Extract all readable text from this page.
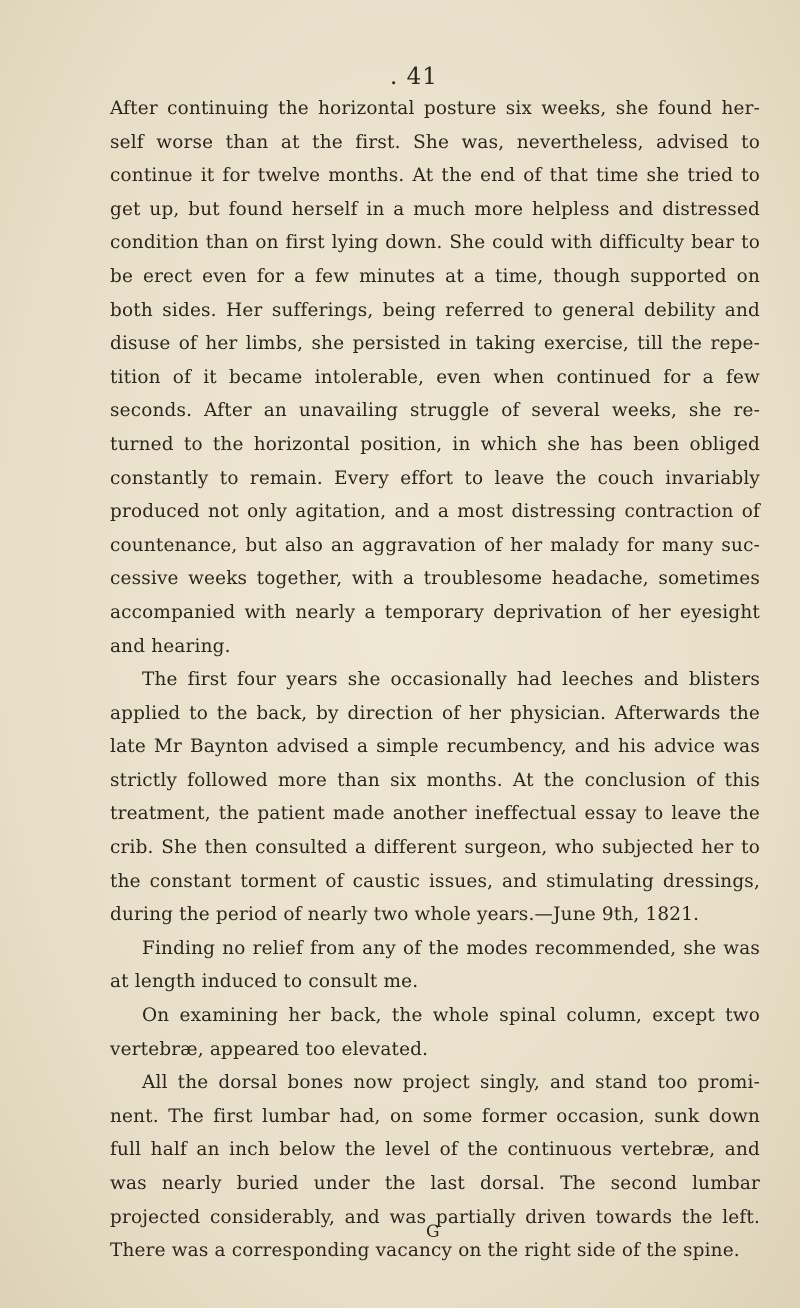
. 41

After continuing the horizontal posture six weeks, she found her-self worse than at the first. She was, nevertheless, advised to continue it for twelve months. At the end of that time she tried to get up, but found herself in a much more helpless and distressed condition than on first lying down. She could with difficulty bear to be erect even for a few minutes at a time, though supported on both sides. Her sufferings, being referred to general debility and disuse of her limbs, she persisted in taking exercise, till the repe-tition of it became intolerable, even when continued for a few seconds. After an unavailing struggle of several weeks, she re-turned to the horizontal position, in which she has been obliged constantly to remain. Every effort to leave the couch invariably produced not only agitation, and a most distressing contraction of countenance, but also an aggravation of her malady for many suc-cessive weeks together, with a troublesome headache, sometimes accompanied with nearly a temporary deprivation of her eyesight and hearing.

The first four years she occasionally had leeches and blisters applied to the back, by direction of her physician. Afterwards the late Mr Baynton advised a simple recumbency, and his advice was strictly followed more than six months. At the conclusion of this treatment, the patient made another ineffectual essay to leave the crib. She then consulted a different surgeon, who subjected her to the constant torment of caustic issues, and stimulating dressings, during the period of nearly two whole years.—June 9th, 1821.

Finding no relief from any of the modes recommended, she was at length induced to consult me.

On examining her back, the whole spinal column, except two vertebræ, appeared too elevated.

All the dorsal bones now project singly, and stand too promi-nent. The first lumbar had, on some former occasion, sunk down full half an inch below the level of the continuous vertebræ, and was nearly buried under the last dorsal. The second lumbar projected considerably, and was partially driven towards the left. There was a corresponding vacancy on the right side of the spine.

G
